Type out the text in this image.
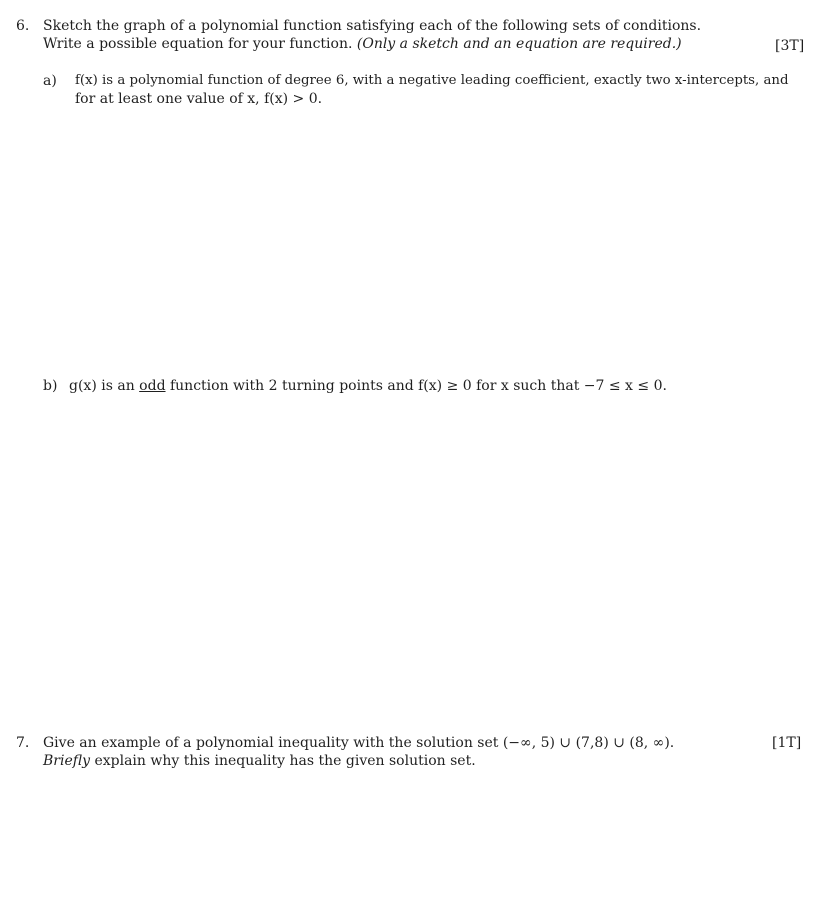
6. Sketch the graph of a polynomial function satisfying each of the following sets of conditions.
Write a possible equation for your function. (Only a sketch and an equation are required.)	[3T]
a) f(x) is a polynomial function of degree 6, with a negative leading coefficient, exactly two x-intercepts, and
for at least one value of x, f(x) > 0.
b) g(x) is an odd function with 2 turning points and f(x) ≥ 0 for x such that −7 ≤ x ≤ 0.
7. Give an example of a polynomial inequality with the solution set (−∞, 5) ∪ (7,8) ∪ (8, ∞).
Briefly explain why this inequality has the given solution set.
[1T]
